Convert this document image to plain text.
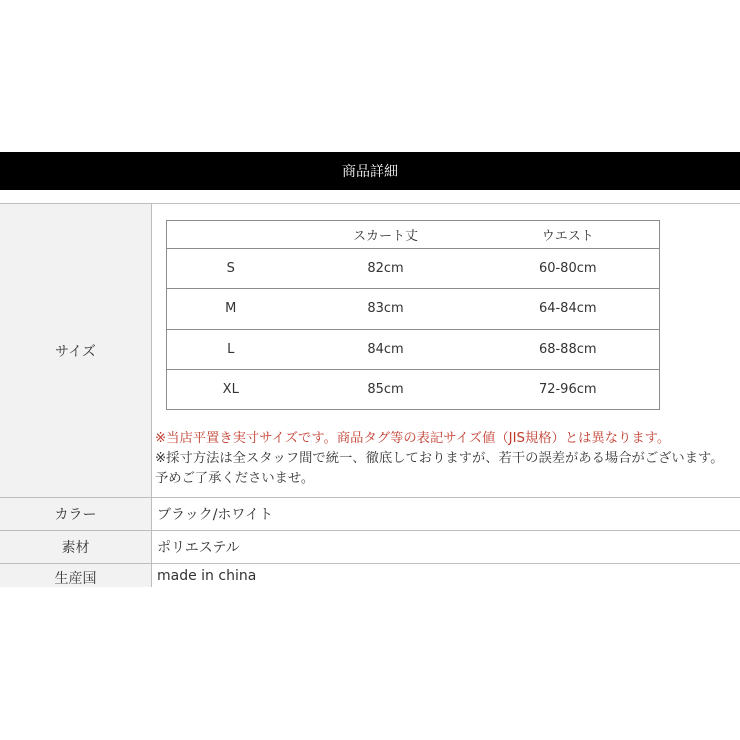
商品詳細
サイズ
	スカート丈	ウエスト
S	82cm	60-80cm
M	83cm	64-84cm
L	84cm	68-88cm
XL	85cm	72-96cm
※当店平置き実寸サイズです。商品タグ等の表記サイズ値（JIS規格）とは異なります。
※採寸方法は全スタッフ間で統一、徹底しておりますが、若干の誤差がある場合がございます。予めご了承くださいませ。
カラー	ブラック/ホワイト
素材	ポリエステル
生産国	made in china
